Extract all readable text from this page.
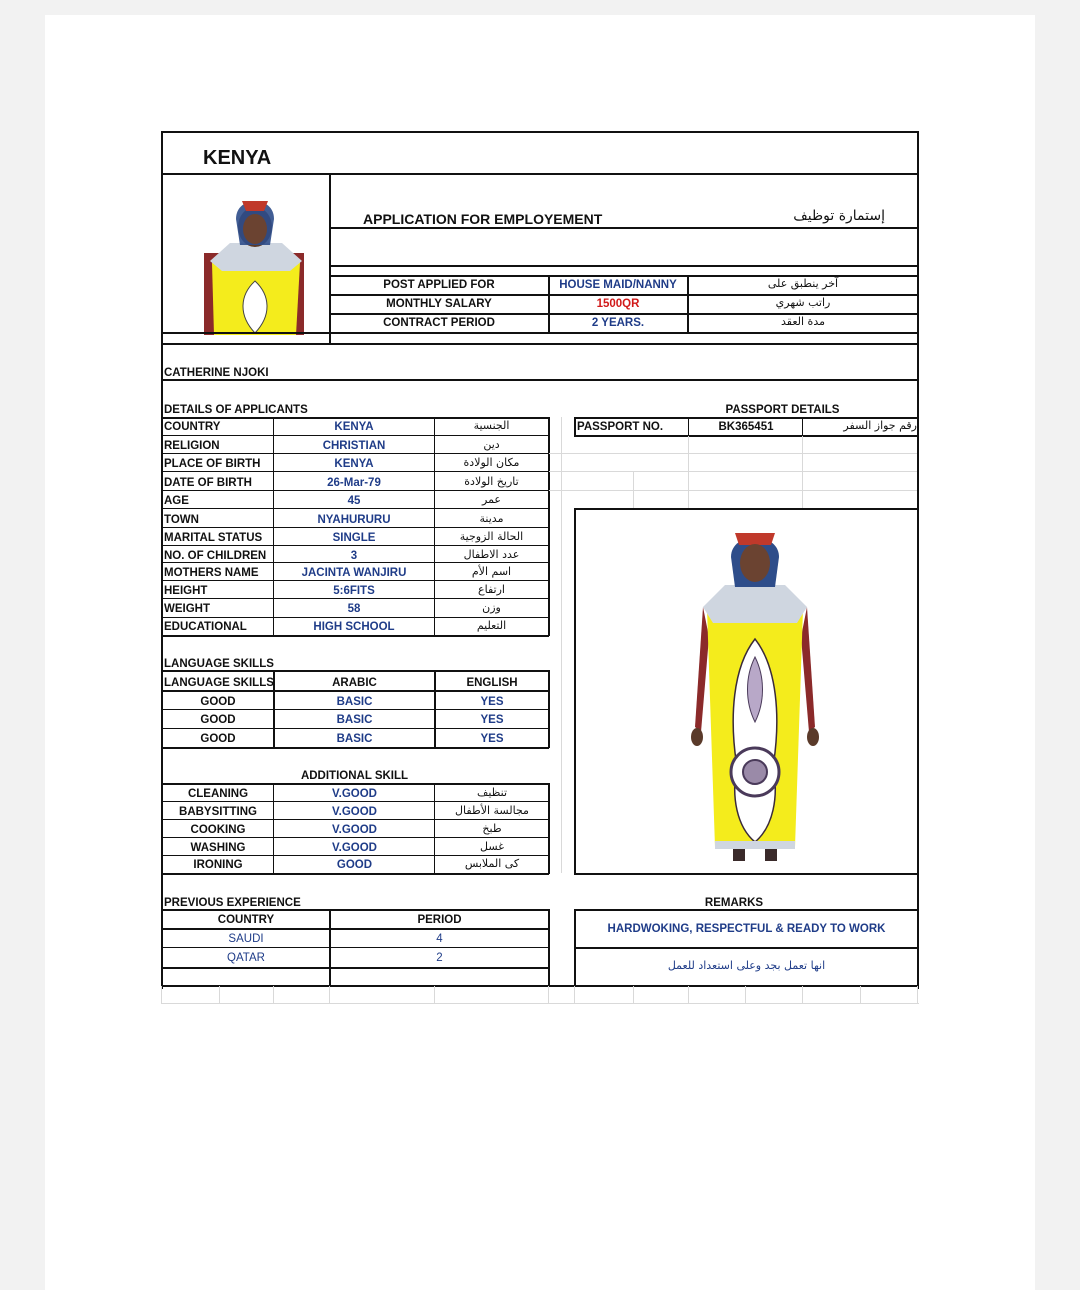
KENYA
APPLICATION FOR EMPLOYEMENT	إستمارة توظيف
POST APPLIED FOR	HOUSE MAID/NANNY	آخر ينطبق على
MONTHLY SALARY	1500QR	راتب شهري
CONTRACT PERIOD	2 YEARS.	مدة العقد
CATHERINE NJOKI
DETAILS OF APPLICANTS	PASSPORT DETAILS
COUNTRY	KENYA	الجنسية
RELIGION	CHRISTIAN	دين
PLACE OF BIRTH	KENYA	مكان الولادة
DATE OF BIRTH	26-Mar-79	تاريخ الولادة
AGE	45	عمر
TOWN	NYAHURURU	مدينة
MARITAL STATUS	SINGLE	الحالة الزوجية
NO. OF CHILDREN	3	عدد الاطفال
MOTHERS NAME	JACINTA WANJIRU	اسم الأم
HEIGHT	5:6FITS	ارتفاع
WEIGHT	58	وزن
EDUCATIONAL	HIGH SCHOOL	التعليم
PASSPORT NO.	BK365451	رقم جواز السفر
LANGUAGE SKILLS
LANGUAGE SKILLS	ARABIC	ENGLISH
GOOD	BASIC	YES
GOOD	BASIC	YES
GOOD	BASIC	YES
ADDITIONAL SKILL
CLEANING	V.GOOD	تنظيف
BABYSITTING	V.GOOD	مجالسة الأطفال
COOKING	V.GOOD	طبخ
WASHING	V.GOOD	غسل
IRONING	GOOD	کی الملابس
PREVIOUS EXPERIENCE	REMARKS
COUNTRY	PERIOD
SAUDI	4
QATAR	2
HARDWOKING, RESPECTFUL & READY TO WORK
انها تعمل بجد وعلى استعداد للعمل
